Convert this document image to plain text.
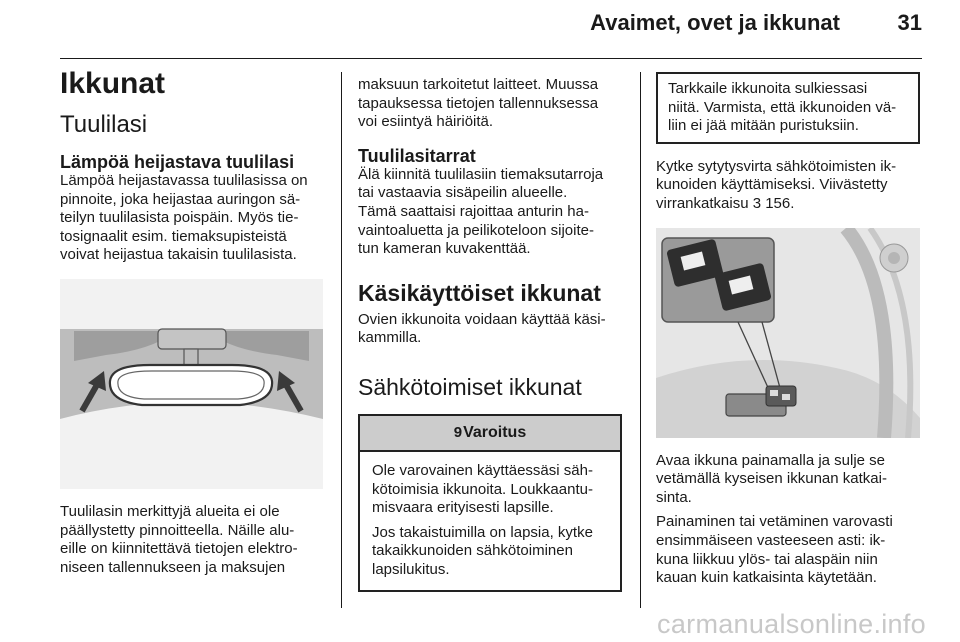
Avaimet, ovet ja ikkunat	31
Ikkunat
Tuulilasi
Lämpöä heijastava tuulilasi
Lämpöä heijastavassa tuulilasissa on
pinnoite, joka heijastaa auringon sä-
teilyn tuulilasista poispäin. Myös tie-
tosignaalit esim. tiemaksupisteistä
voivat heijastua takaisin tuulilasista.
Tuulilasin merkittyjä alueita ei ole
päällystetty pinnoitteella. Näille alu-
eille on kiinnitettävä tietojen elektro-
niseen tallennukseen ja maksujen
maksuun tarkoitetut laitteet. Muussa
tapauksessa tietojen tallennuksessa
voi esiintyä häiriöitä.
Tuulilasitarrat
Älä kiinnitä tuulilasiin tiemaksutarroja
tai vastaavia sisäpeilin alueelle.
Tämä saattaisi rajoittaa anturin ha-
vaintoaluetta ja peilikoteloon sijoite-
tun kameran kuvakenttää.
Käsikäyttöiset ikkunat
Ovien ikkunoita voidaan käyttää käsi-
kammilla.
Sähkötoimiset ikkunat
9 Varoitus
Ole varovainen käyttäessäsi säh-
kötoimisia ikkunoita. Loukkaantu-
misvaara erityisesti lapsille.
Jos takaistuimilla on lapsia, kytke
takaikkunoiden sähkötoiminen
lapsilukitus.
Tarkkaile ikkunoita sulkiessasi
niitä. Varmista, että ikkunoiden vä-
liin ei jää mitään puristuksiin.
Kytke sytytysvirta sähkötoimisten ik-
kunoiden käyttämiseksi. Viivästetty
virrankatkaisu 3 156.
Avaa ikkuna painamalla ja sulje se
vetämällä kyseisen ikkunan katkai-
sinta.
Painaminen tai vetäminen varovasti
ensimmäiseen vasteeseen asti: ik-
kuna liikkuu ylös- tai alaspäin niin
kauan kuin katkaisinta käytetään.
carmanualsonline.info
